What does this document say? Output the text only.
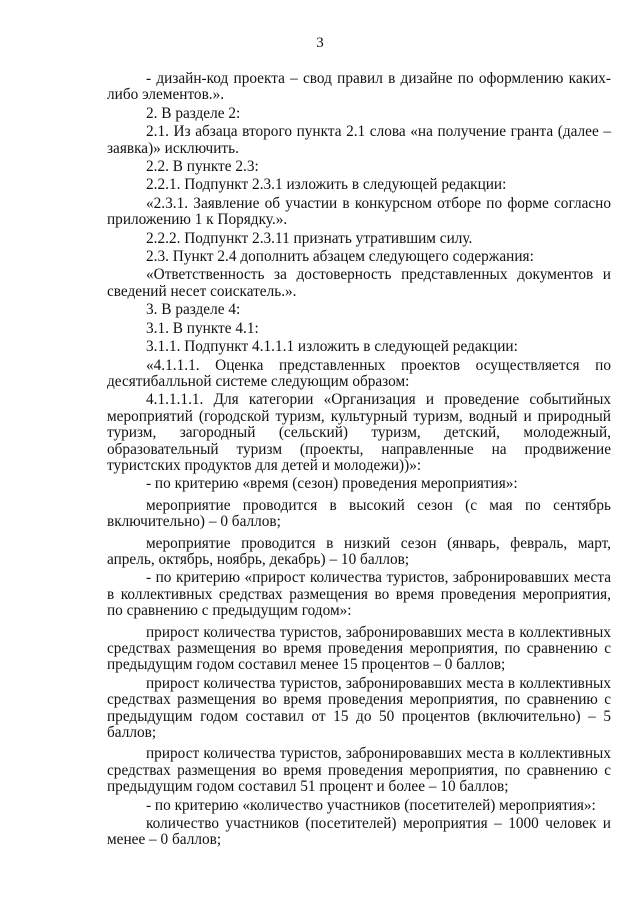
3

- дизайн-код проекта – свод правил в дизайне по оформлению каких-либо элементов.».

2. В разделе 2:

2.1. Из абзаца второго пункта 2.1 слова «на получение гранта (далее – заявка)» исключить.

2.2. В пункте 2.3:

2.2.1. Подпункт 2.3.1 изложить в следующей редакции:

«2.3.1. Заявление об участии в конкурсном отборе по форме согласно приложению 1 к Порядку.».

2.2.2. Подпункт 2.3.11 признать утратившим силу.

2.3. Пункт 2.4 дополнить абзацем следующего содержания:

«Ответственность за достоверность представленных документов и сведений несет соискатель.».

3. В разделе 4:

3.1. В пункте 4.1:

3.1.1. Подпункт 4.1.1.1 изложить в следующей редакции:

«4.1.1.1. Оценка представленных проектов осуществляется по десятибалльной системе следующим образом:

4.1.1.1.1. Для категории «Организация и проведение событийных мероприятий (городской туризм, культурный туризм, водный и природный туризм, загородный (сельский) туризм, детский, молодежный, образовательный туризм (проекты, направленные на продвижение туристских продуктов для детей и молодежи))»:

- по критерию «время (сезон) проведения мероприятия»:

мероприятие проводится в высокий сезон (с мая по сентябрь включительно) – 0 баллов;

мероприятие проводится в низкий сезон (январь, февраль, март, апрель, октябрь, ноябрь, декабрь) – 10 баллов;

- по критерию «прирост количества туристов, забронировавших места в коллективных средствах размещения во время проведения мероприятия, по сравнению с предыдущим годом»:

прирост количества туристов, забронировавших места в коллективных средствах размещения во время проведения мероприятия, по сравнению с предыдущим годом составил менее 15 процентов – 0 баллов;

прирост количества туристов, забронировавших места в коллективных средствах размещения во время проведения мероприятия, по сравнению с предыдущим годом составил от 15 до 50 процентов (включительно) – 5 баллов;

прирост количества туристов, забронировавших места в коллективных средствах размещения во время проведения мероприятия, по сравнению с предыдущим годом составил 51 процент и более – 10 баллов;

- по критерию «количество участников (посетителей) мероприятия»:

количество участников (посетителей) мероприятия – 1000 человек и менее – 0 баллов;
